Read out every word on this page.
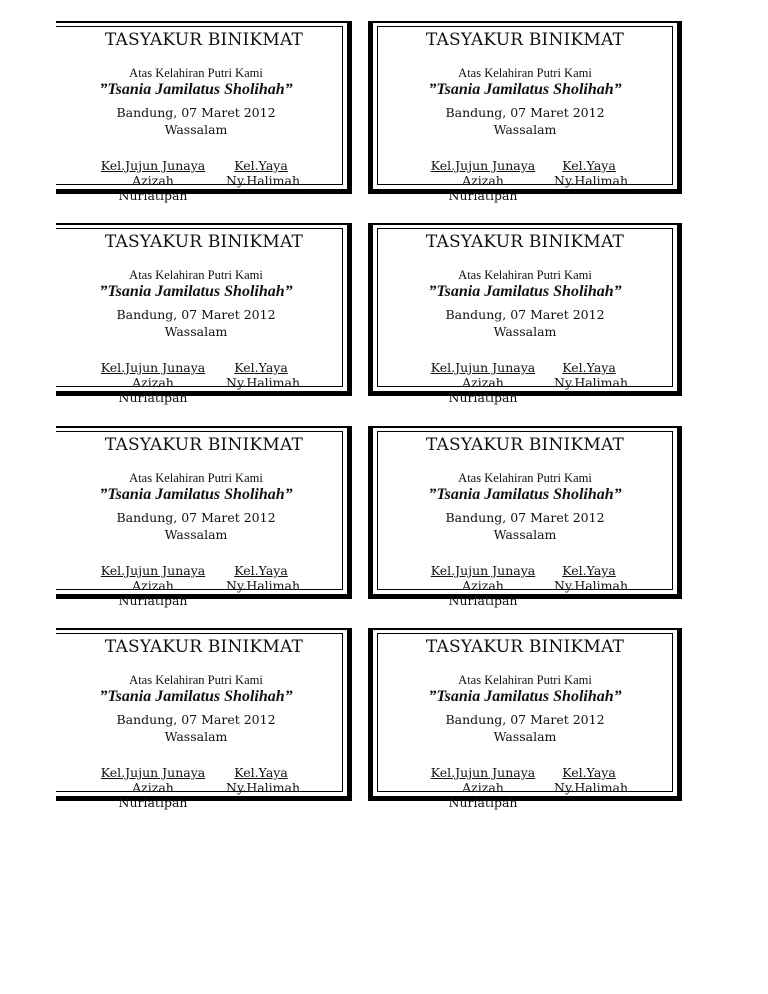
TASYAKUR BINIKMAT
Atas Kelahiran Putri Kami
”Tsania Jamilatus Sholihah”
Bandung, 07 Maret 2012
Wassalam
Kel.Jujun Junaya
Azizah Nurlatipah
Kel.Yaya
Ny.Halimah
TASYAKUR BINIKMAT
Atas Kelahiran Putri Kami
”Tsania Jamilatus Sholihah”
Bandung, 07 Maret 2012
Wassalam
Kel.Jujun Junaya
Azizah Nurlatipah
Kel.Yaya
Ny.Halimah
TASYAKUR BINIKMAT
Atas Kelahiran Putri Kami
”Tsania Jamilatus Sholihah”
Bandung, 07 Maret 2012
Wassalam
Kel.Jujun Junaya
Azizah Nurlatipah
Kel.Yaya
Ny.Halimah
TASYAKUR BINIKMAT
Atas Kelahiran Putri Kami
”Tsania Jamilatus Sholihah”
Bandung, 07 Maret 2012
Wassalam
Kel.Jujun Junaya
Azizah Nurlatipah
Kel.Yaya
Ny.Halimah
TASYAKUR BINIKMAT
Atas Kelahiran Putri Kami
”Tsania Jamilatus Sholihah”
Bandung, 07 Maret 2012
Wassalam
Kel.Jujun Junaya
Azizah Nurlatipah
Kel.Yaya
Ny.Halimah
TASYAKUR BINIKMAT
Atas Kelahiran Putri Kami
”Tsania Jamilatus Sholihah”
Bandung, 07 Maret 2012
Wassalam
Kel.Jujun Junaya
Azizah Nurlatipah
Kel.Yaya
Ny.Halimah
TASYAKUR BINIKMAT
Atas Kelahiran Putri Kami
”Tsania Jamilatus Sholihah”
Bandung, 07 Maret 2012
Wassalam
Kel.Jujun Junaya
Azizah Nurlatipah
Kel.Yaya
Ny.Halimah
TASYAKUR BINIKMAT
Atas Kelahiran Putri Kami
”Tsania Jamilatus Sholihah”
Bandung, 07 Maret 2012
Wassalam
Kel.Jujun Junaya
Azizah Nurlatipah
Kel.Yaya
Ny.Halimah
